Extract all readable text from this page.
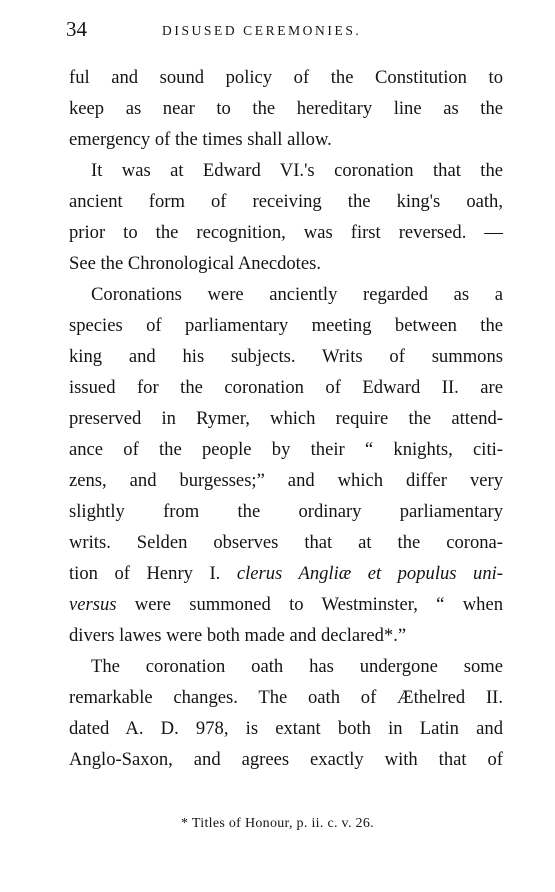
34	DISUSED CEREMONIES.
ful and sound policy of the Constitution to
keep as near to the hereditary line as the
emergency of the times shall allow.
It was at Edward VI.'s coronation that the
ancient form of receiving the king's oath,
prior to the recognition, was first reversed. —
See the Chronological Anecdotes.
Coronations were anciently regarded as a
species of parliamentary meeting between the
king and his subjects. Writs of summons
issued for the coronation of Edward II. are
preserved in Rymer, which require the attend-
ance of the people by their “ knights, citi-
zens, and burgesses;” and which differ very
slightly from the ordinary parliamentary
writs. Selden observes that at the corona-
tion of Henry I. clerus Angliæ et populus uni-
versus were summoned to Westminster, “ when
divers lawes were both made and declared*.”
The coronation oath has undergone some
remarkable changes. The oath of Æthelred II.
dated A. D. 978, is extant both in Latin and
Anglo-Saxon, and agrees exactly with that of
* Titles of Honour, p. ii. c. v. 26.
